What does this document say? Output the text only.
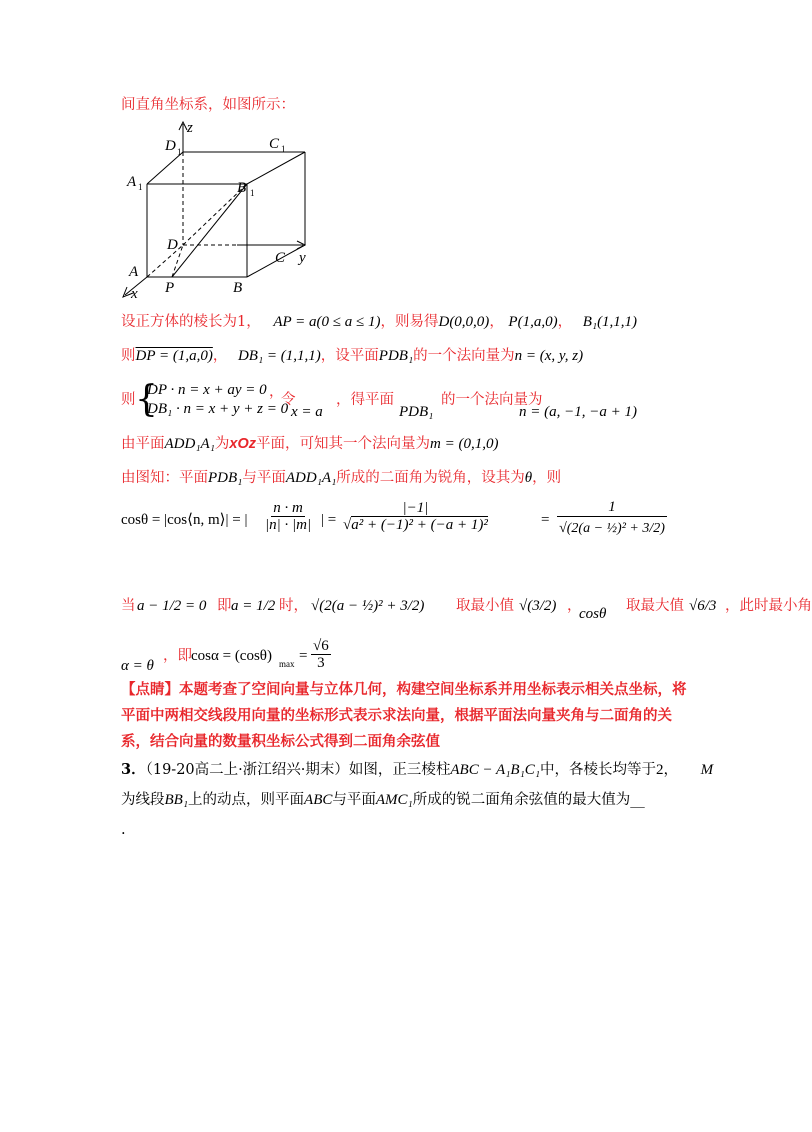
间直角坐标系，如图所示：
z
D 1	C 1
A 1	B 1
D
C y
A
P	B
x
设正方体的棱长为1， AP = a(0 ≤ a ≤ 1)，则易得D(0,0,0)， P(1,a,0)， B₁(1,1,1)
则DP = (1,a,0)， DB₁ = (1,1,1)，设平面PDB₁的一个法向量为n = (x, y, z)
则 {
DP · n = x + ay = 0
DB₁ · n = x + y + z = 0
，
令
x = a
，得平面
PDB₁
的一个法向量为
n = (a, −1, −a + 1)
由平面ADD₁A₁为xOz平面，可知其一个法向量为m = (0,1,0)
由图知：平面PDB₁与平面ADD₁A₁所成的二面角为锐角，设其为θ，则
cosθ = |cos⟨n, m⟩| = | $\frac{n \cdot m}{|n| \cdot |m|}$ | = $\frac{|-1|}{\text{√a² + (−1)² + (−a + 1)²}}$	=
1
√(2(a − ½)² + 3/2)
当 a − 1/2 = 0 即 a = 1/2 时， √(2(a − ½)² + 3/2) 取最小值 √(3/2) ，
cosθ 取最大值 √6/3 ，此时最小角
α = θ
，即 cosα = (cosθ) $\max = \frac{√6}{3}$
【点睛】本题考查了空间向量与立体几何，构建空间坐标系并用坐标表示相关点坐标，将
平面中两相交线段用向量的坐标形式表示求法向量，根据平面法向量夹角与二面角的关
系，结合向量的数量积坐标公式得到二面角余弦值
3．（19-20高二上·浙江绍兴·期末）如图，正三棱柱ABC − A₁B₁C₁中，各棱长均等于2， M
为线段BB₁上的动点，则平面ABC与平面AMC₁所成的锐二面角余弦值的最大值为__
.
